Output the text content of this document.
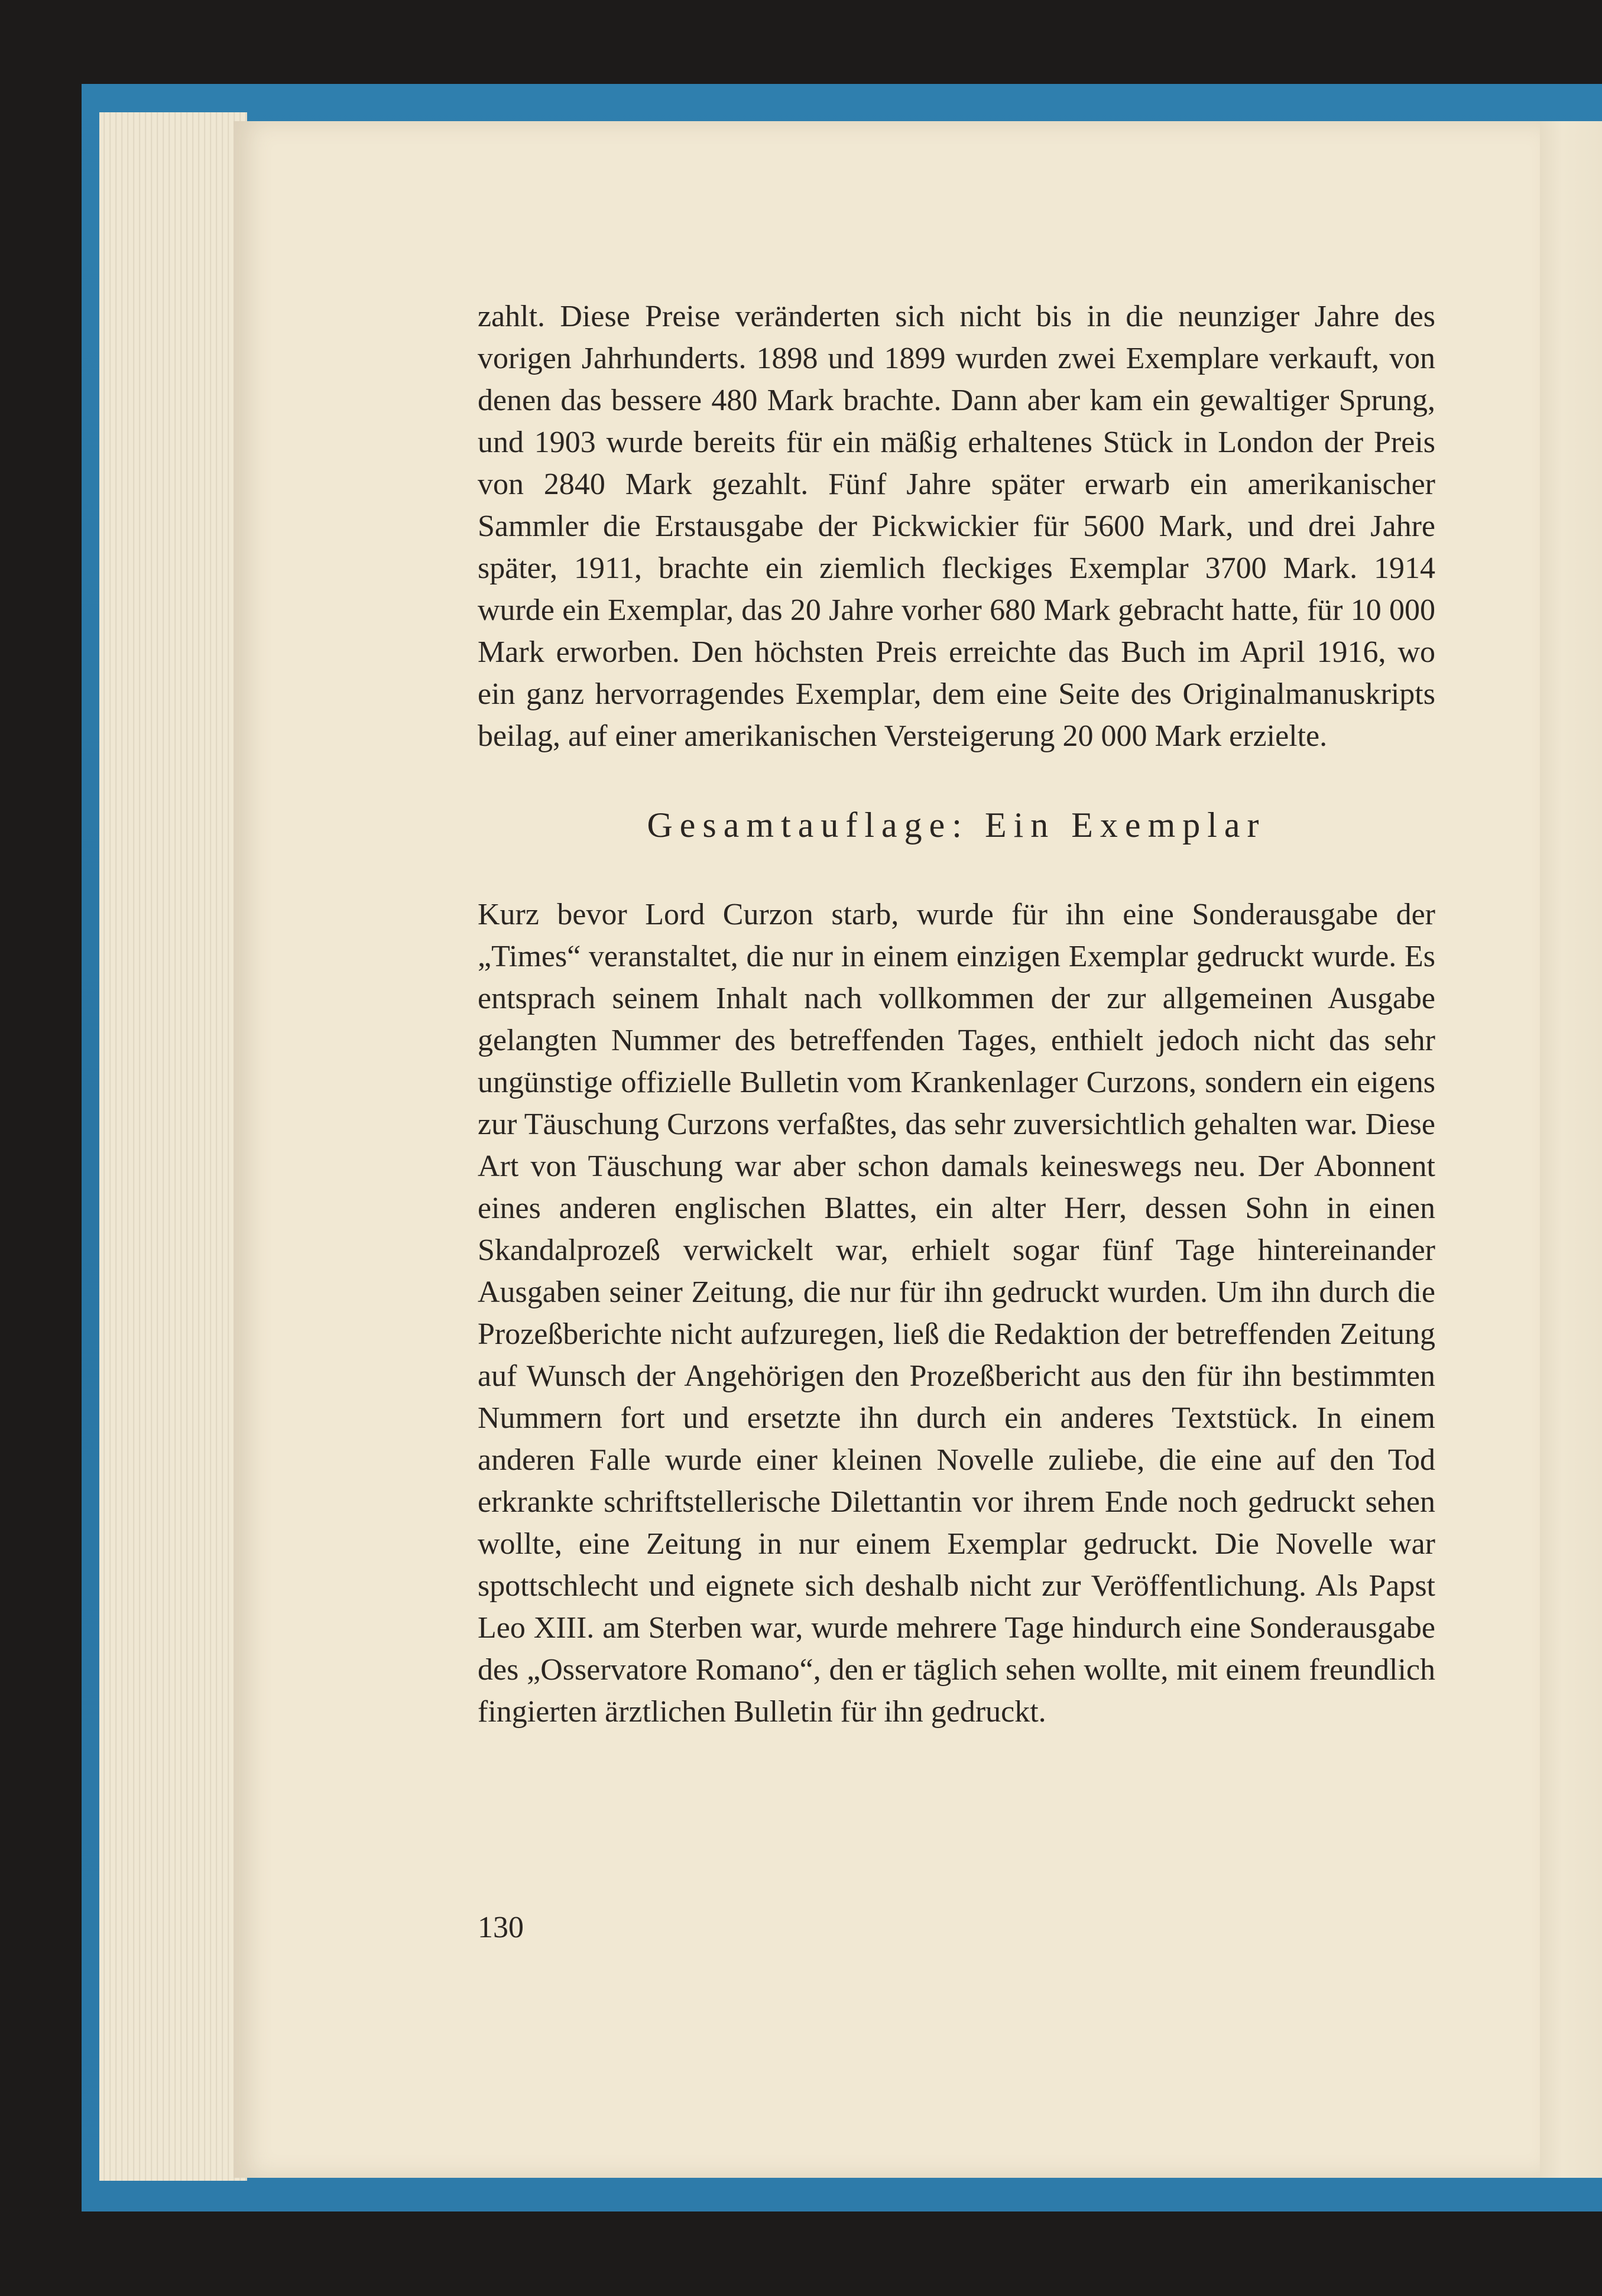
zahlt. Diese Preise veränderten sich nicht bis in die neunziger Jahre des vorigen Jahrhunderts. 1898 und 1899 wurden zwei Exemplare verkauft, von denen das bessere 480 Mark brachte. Dann aber kam ein gewaltiger Sprung, und 1903 wurde bereits für ein mäßig erhaltenes Stück in London der Preis von 2840 Mark gezahlt. Fünf Jahre später erwarb ein amerikanischer Sammler die Erstausgabe der Pickwickier für 5600 Mark, und drei Jahre später, 1911, brachte ein ziemlich fleckiges Exemplar 3700 Mark. 1914 wurde ein Exemplar, das 20 Jahre vorher 680 Mark gebracht hatte, für 10 000 Mark erworben. Den höchsten Preis erreichte das Buch im April 1916, wo ein ganz hervorragendes Exemplar, dem eine Seite des Originalmanuskripts beilag, auf einer amerikanischen Versteigerung 20 000 Mark erzielte.

Gesamtauflage: Ein Exemplar

Kurz bevor Lord Curzon starb, wurde für ihn eine Sonderausgabe der „Times“ veranstaltet, die nur in einem einzigen Exemplar gedruckt wurde. Es entsprach seinem Inhalt nach vollkommen der zur allgemeinen Ausgabe gelangten Nummer des betreffenden Tages, enthielt jedoch nicht das sehr ungünstige offizielle Bulletin vom Krankenlager Curzons, sondern ein eigens zur Täuschung Curzons verfaßtes, das sehr zuversichtlich gehalten war. Diese Art von Täuschung war aber schon damals keineswegs neu. Der Abonnent eines anderen englischen Blattes, ein alter Herr, dessen Sohn in einen Skandalprozeß verwickelt war, erhielt sogar fünf Tage hintereinander Ausgaben seiner Zeitung, die nur für ihn gedruckt wurden. Um ihn durch die Prozeßberichte nicht aufzuregen, ließ die Redaktion der betreffenden Zeitung auf Wunsch der Angehörigen den Prozeßbericht aus den für ihn bestimmten Nummern fort und ersetzte ihn durch ein anderes Textstück. In einem anderen Falle wurde einer kleinen Novelle zuliebe, die eine auf den Tod erkrankte schriftstellerische Dilettantin vor ihrem Ende noch gedruckt sehen wollte, eine Zeitung in nur einem Exemplar gedruckt. Die Novelle war spottschlecht und eignete sich deshalb nicht zur Veröffentlichung. Als Papst Leo XIII. am Sterben war, wurde mehrere Tage hindurch eine Sonderausgabe des „Osservatore Romano“, den er täglich sehen wollte, mit einem freundlich fingierten ärztlichen Bulletin für ihn gedruckt.

130
